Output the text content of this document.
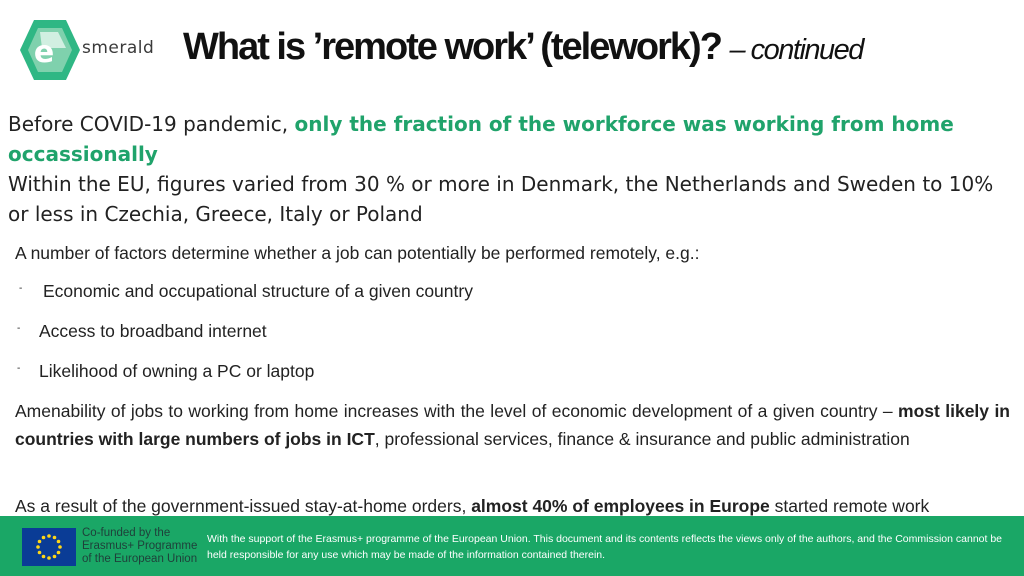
e smerald What is ’remote work’ (telework)? – continued
Before COVID-19 pandemic, only the fraction of the workforce was working from home occassionally
Within the EU, figures varied from 30 % or more in Denmark, the Netherlands and Sweden to 10% or less in Czechia, Greece, Italy or Poland
A number of factors determine whether a job can potentially be performed remotely, e.g.:
- Economic and occupational structure of a given country
- Access to broadband internet
- Likelihood of owning a PC or laptop
Amenability of jobs to working from home increases with the level of economic development of a given country – most likely in countries with large numbers of jobs in ICT, professional services, finance & insurance and public administration
As a result of the government-issued stay-at-home orders, almost 40% of employees in Europe started remote work
Co-funded by the Erasmus+ Programme of the European Union
With the support of the Erasmus+ programme of the European Union. This document and its contents reflects the views only of the authors, and the Commission cannot be held responsible for any use which may be made of the information contained therein.
